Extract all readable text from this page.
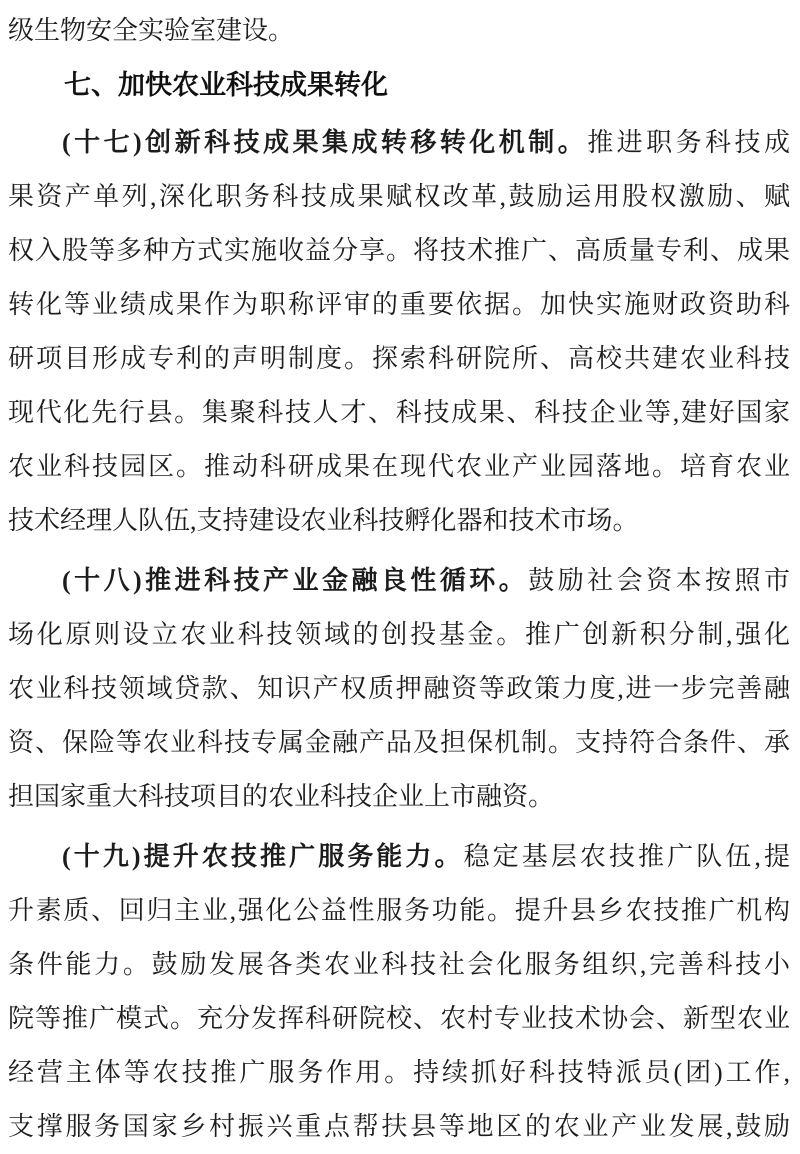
级生物安全实验室建设。
七、加快农业科技成果转化
(十七)创新科技成果集成转移转化机制。推进职务科技成
果资产单列,深化职务科技成果赋权改革,鼓励运用股权激励、赋
权入股等多种方式实施收益分享。将技术推广、高质量专利、成果
转化等业绩成果作为职称评审的重要依据。加快实施财政资助科
研项目形成专利的声明制度。探索科研院所、高校共建农业科技
现代化先行县。集聚科技人才、科技成果、科技企业等,建好国家
农业科技园区。推动科研成果在现代农业产业园落地。培育农业
技术经理人队伍,支持建设农业科技孵化器和技术市场。
(十八)推进科技产业金融良性循环。鼓励社会资本按照市
场化原则设立农业科技领域的创投基金。推广创新积分制,强化
农业科技领域贷款、知识产权质押融资等政策力度,进一步完善融
资、保险等农业科技专属金融产品及担保机制。支持符合条件、承
担国家重大科技项目的农业科技企业上市融资。
(十九)提升农技推广服务能力。稳定基层农技推广队伍,提
升素质、回归主业,强化公益性服务功能。提升县乡农技推广机构
条件能力。鼓励发展各类农业科技社会化服务组织,完善科技小
院等推广模式。充分发挥科研院校、农村专业技术协会、新型农业
经营主体等农技推广服务作用。持续抓好科技特派员(团)工作,
支撑服务国家乡村振兴重点帮扶县等地区的农业产业发展,鼓励
